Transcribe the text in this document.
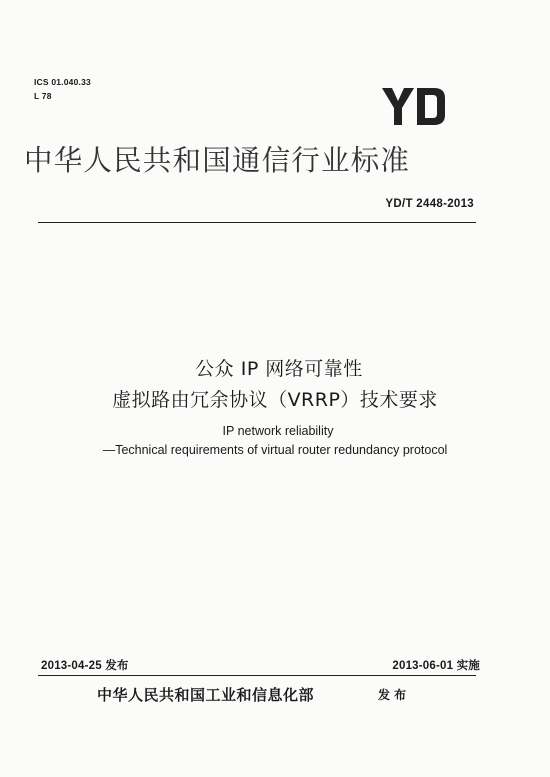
ICS 01.040.33
L 78
中华人民共和国通信行业标准
YD/T 2448-2013
公众 IP 网络可靠性
虚拟路由冗余协议（VRRP）技术要求
IP network reliability
—Technical requirements of virtual router redundancy protocol
2013-04-25 发布	2013-06-01 实施
中华人民共和国工业和信息化部	发布
